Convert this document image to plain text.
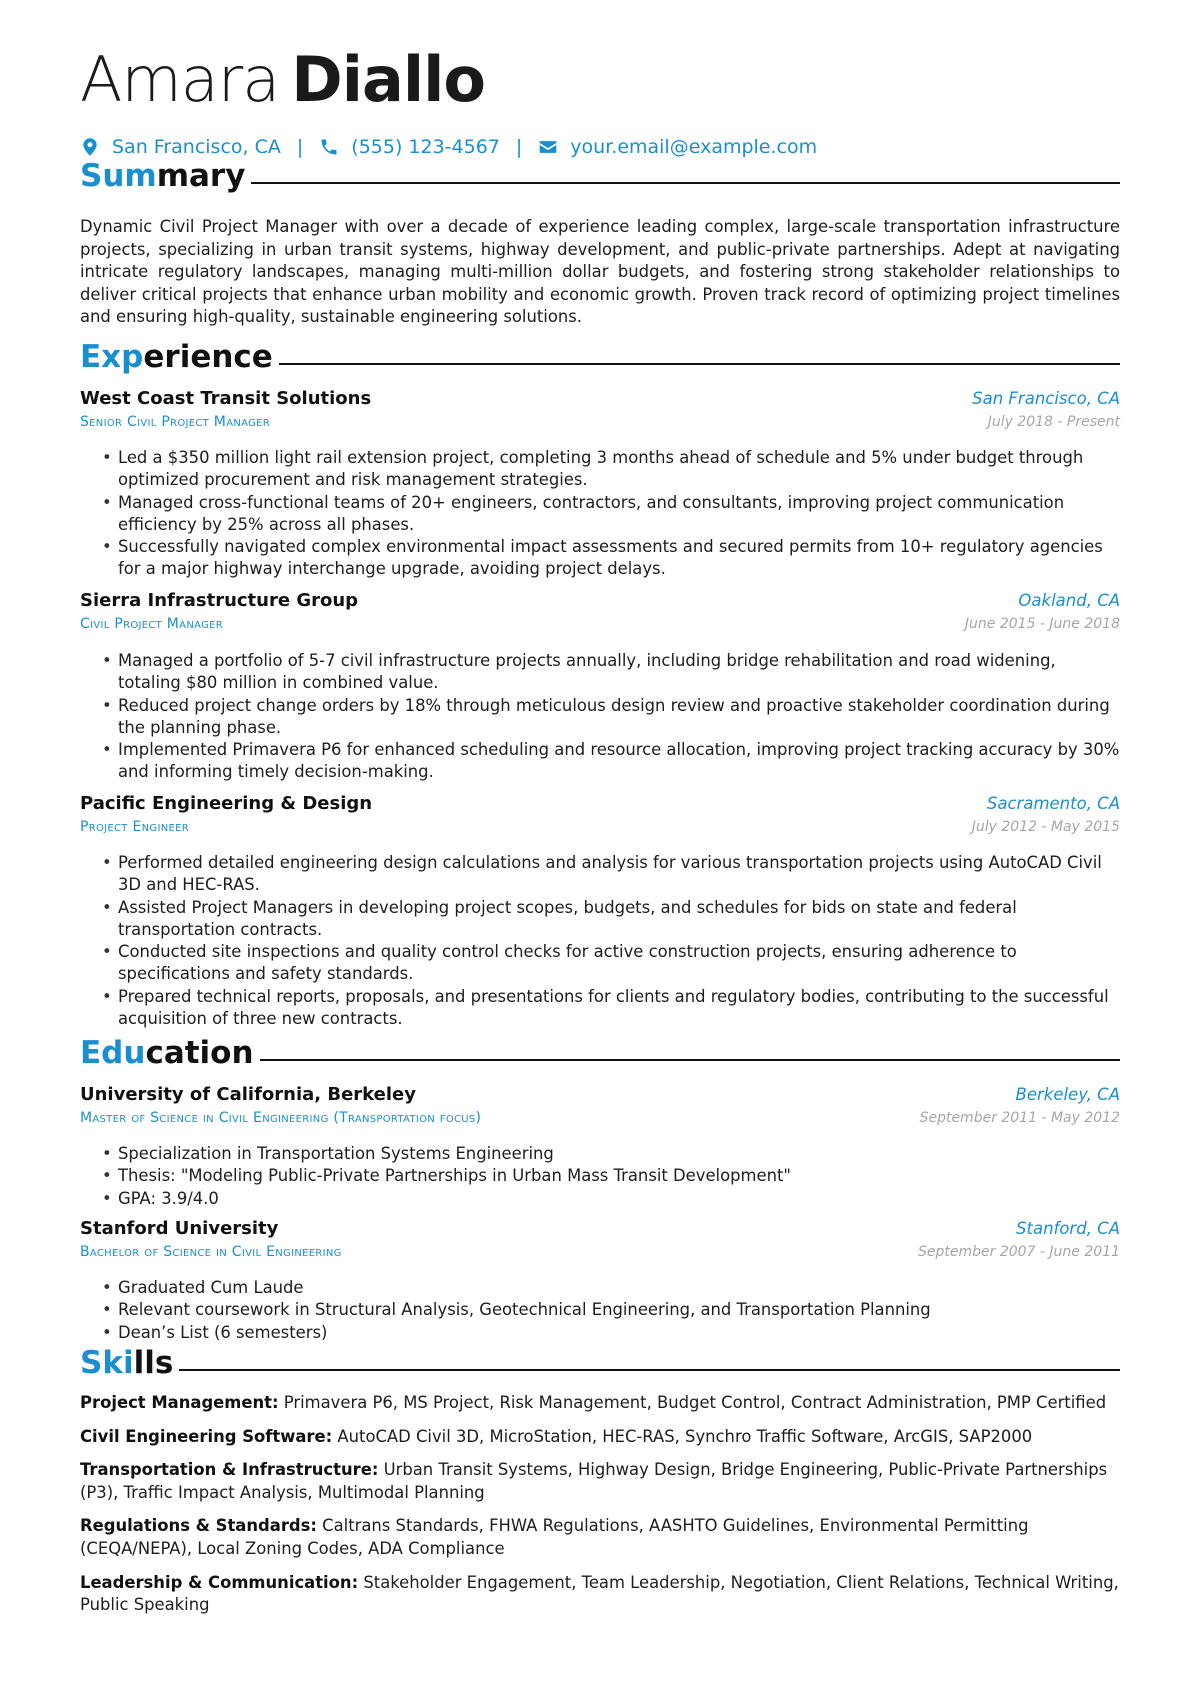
Amara Diallo
San Francisco, CA |	(555) 123-4567 |	your.email@example.com
Summary
Dynamic Civil Project Manager with over a decade of experience leading complex, large-scale transportation infrastructure projects, specializing in urban transit systems, highway development, and public-private partnerships. Adept at navigating intricate regulatory landscapes, managing multi-million dollar budgets, and fostering strong stakeholder relationships to deliver critical projects that enhance urban mobility and economic growth. Proven track record of optimizing project timelines and ensuring high-quality, sustainable engineering solutions.
Experience
West Coast Transit Solutions
Senior Civil Project Manager
San Francisco, CA
July 2018 - Present
• Led a $350 million light rail extension project, completing 3 months ahead of schedule and 5% under budget through optimized procurement and risk management strategies.
• Managed cross-functional teams of 20+ engineers, contractors, and consultants, improving project communication efficiency by 25% across all phases.
• Successfully navigated complex environmental impact assessments and secured permits from 10+ regulatory agencies for a major highway interchange upgrade, avoiding project delays.
Sierra Infrastructure Group
Civil Project Manager
Oakland, CA
June 2015 - June 2018
• Managed a portfolio of 5-7 civil infrastructure projects annually, including bridge rehabilitation and road widening, totaling $80 million in combined value.
• Reduced project change orders by 18% through meticulous design review and proactive stakeholder coordination during the planning phase.
• Implemented Primavera P6 for enhanced scheduling and resource allocation, improving project tracking accuracy by 30% and informing timely decision-making.
Pacific Engineering & Design
Project Engineer
Sacramento, CA
July 2012 - May 2015
• Performed detailed engineering design calculations and analysis for various transportation projects using AutoCAD Civil 3D and HEC-RAS.
• Assisted Project Managers in developing project scopes, budgets, and schedules for bids on state and federal transportation contracts.
• Conducted site inspections and quality control checks for active construction projects, ensuring adherence to specifications and safety standards.
• Prepared technical reports, proposals, and presentations for clients and regulatory bodies, contributing to the successful acquisition of three new contracts.
Education
University of California, Berkeley
Master of Science in Civil Engineering (Transportation focus)
Berkeley, CA
September 2011 - May 2012
• Specialization in Transportation Systems Engineering
• Thesis: "Modeling Public-Private Partnerships in Urban Mass Transit Development"
• GPA: 3.9/4.0
Stanford University
Bachelor of Science in Civil Engineering
Stanford, CA
September 2007 - June 2011
• Graduated Cum Laude
• Relevant coursework in Structural Analysis, Geotechnical Engineering, and Transportation Planning
• Dean’s List (6 semesters)
Skills
Project Management: Primavera P6, MS Project, Risk Management, Budget Control, Contract Administration, PMP Certified
Civil Engineering Software: AutoCAD Civil 3D, MicroStation, HEC-RAS, Synchro Traffic Software, ArcGIS, SAP2000
Transportation & Infrastructure: Urban Transit Systems, Highway Design, Bridge Engineering, Public-Private Partnerships (P3), Traffic Impact Analysis, Multimodal Planning
Regulations & Standards: Caltrans Standards, FHWA Regulations, AASHTO Guidelines, Environmental Permitting (CEQA/NEPA), Local Zoning Codes, ADA Compliance
Leadership & Communication: Stakeholder Engagement, Team Leadership, Negotiation, Client Relations, Technical Writing, Public Speaking
